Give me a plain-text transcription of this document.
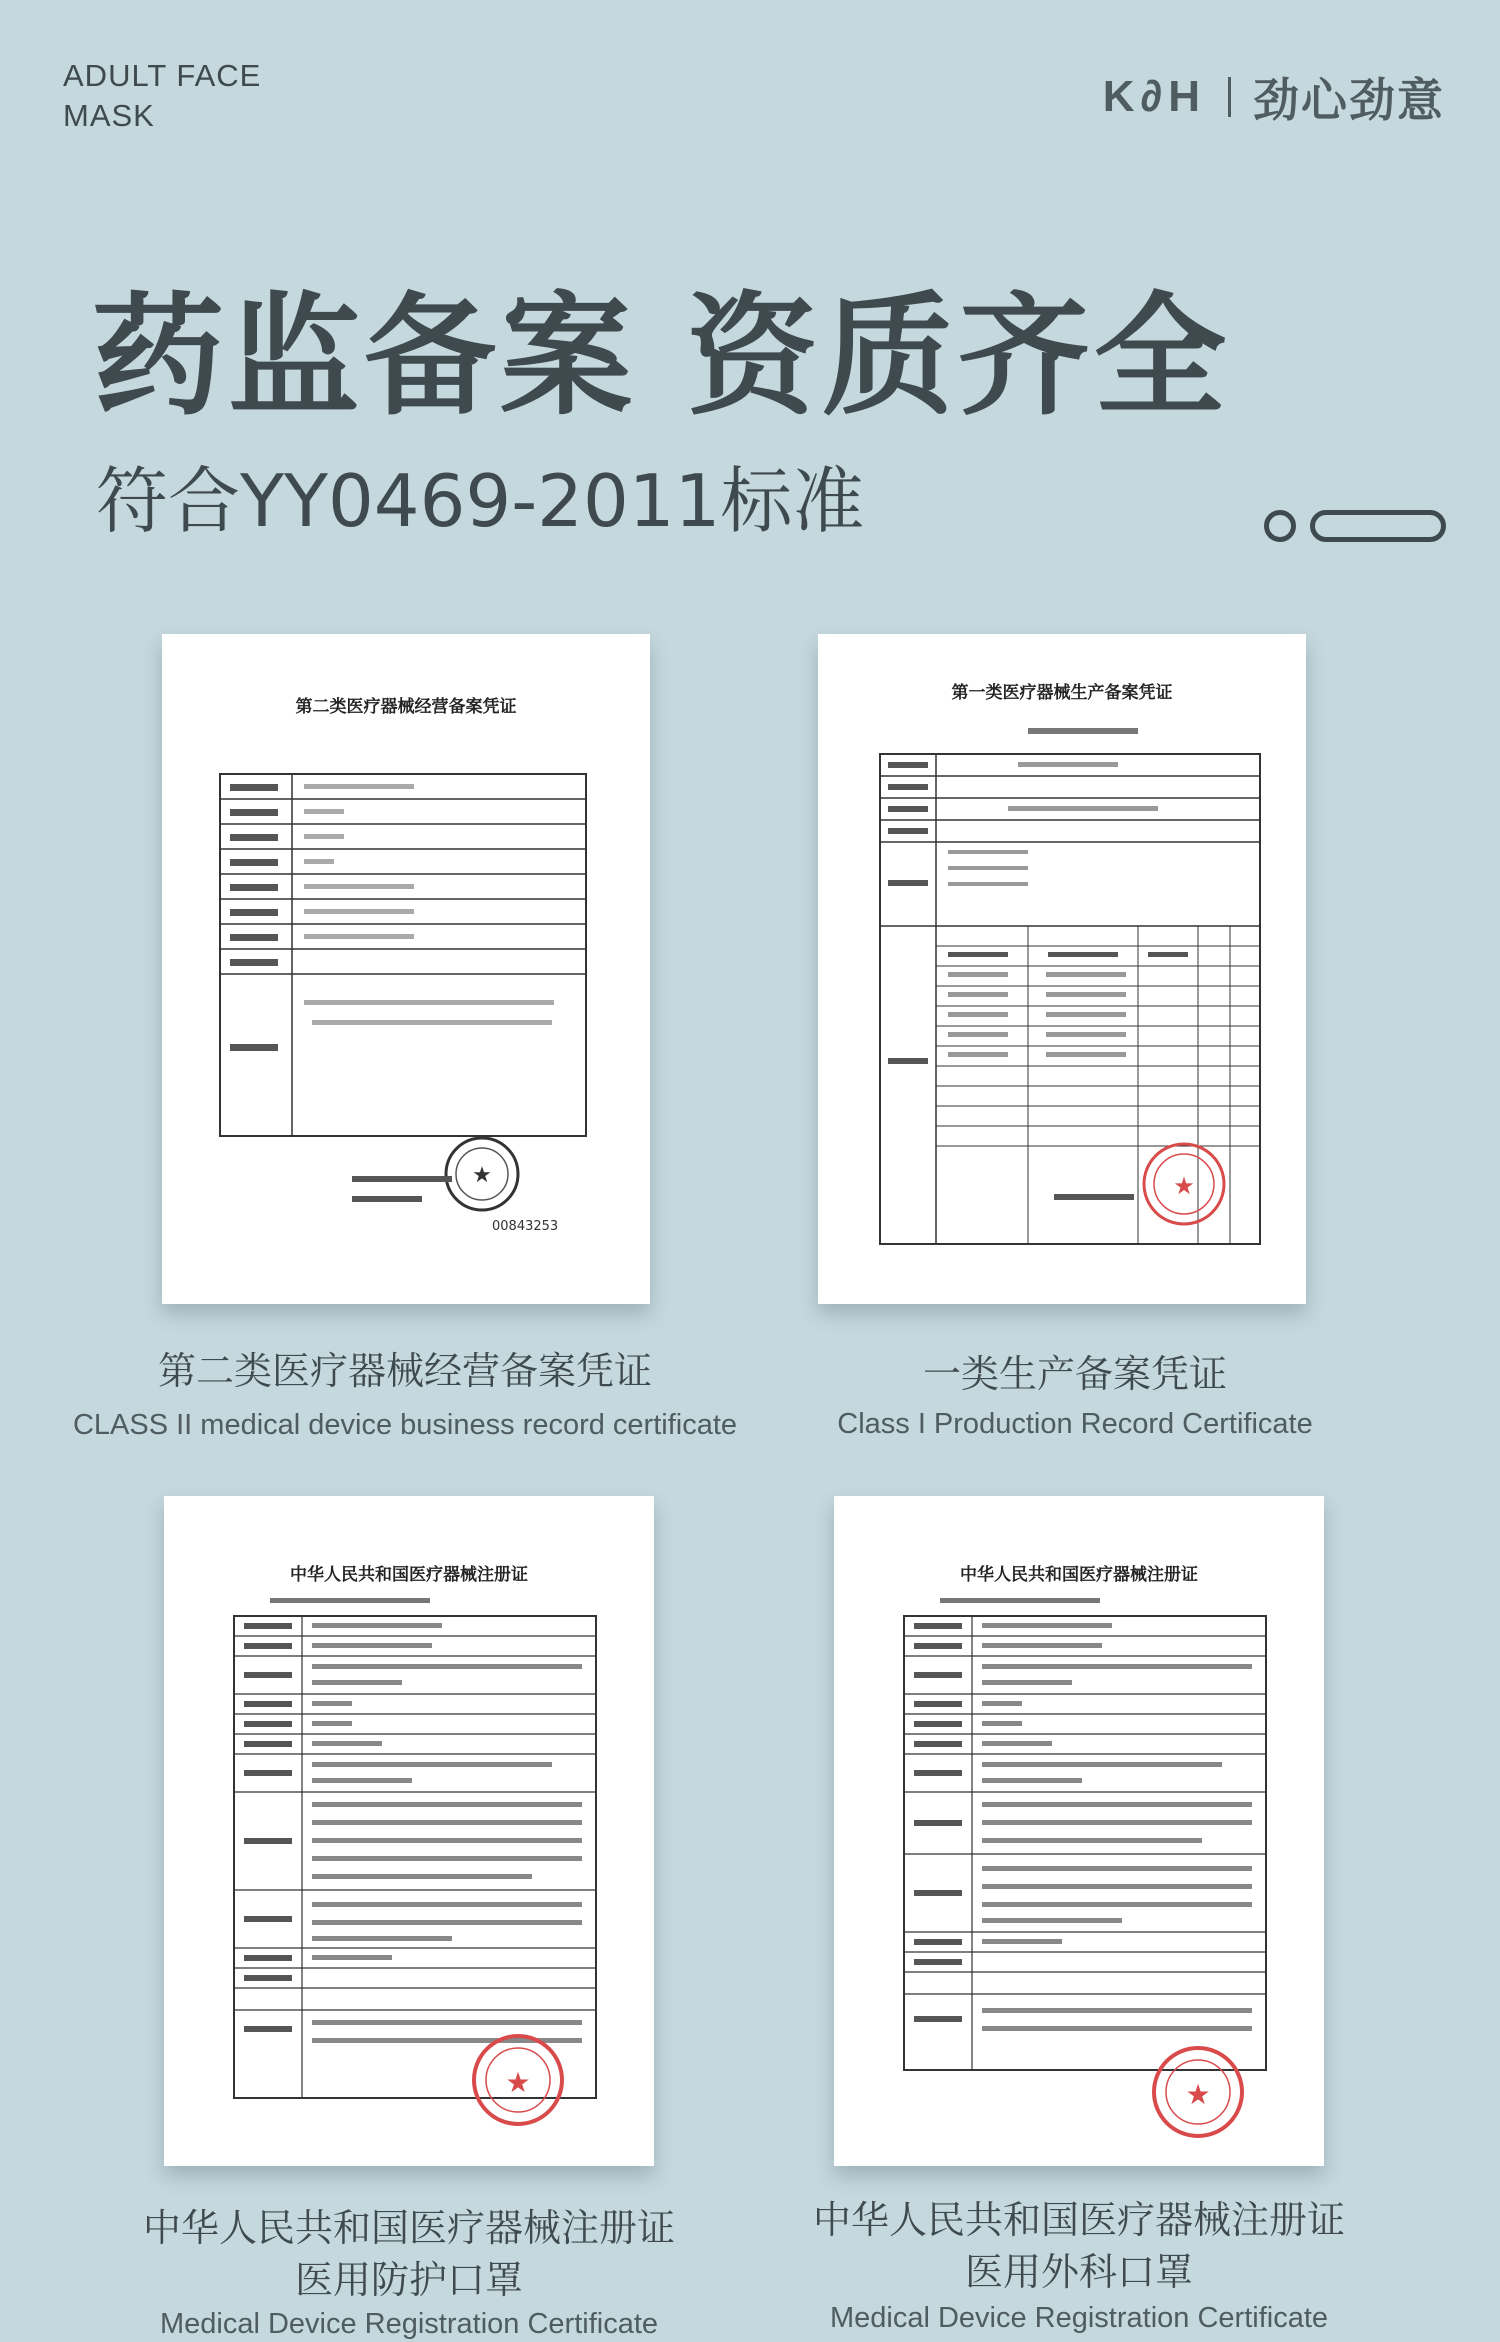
ADULT FACE
MASK	K∂H 劲心劲意
药监备案 资质齐全
符合YY0469-2011标准
第二类医疗器械经营备案凭证
★
00843253
第二类医疗器械经营备案凭证
CLASS II medical device business record certificate
第一类医疗器械生产备案凭证
★
一类生产备案凭证
Class I Production Record Certificate
中华人民共和国医疗器械注册证
★
中华人民共和国医疗器械注册证
医用防护口罩
Medical Device Registration Certificate
中华人民共和国医疗器械注册证
★
中华人民共和国医疗器械注册证
医用外科口罩
Medical Device Registration Certificate
